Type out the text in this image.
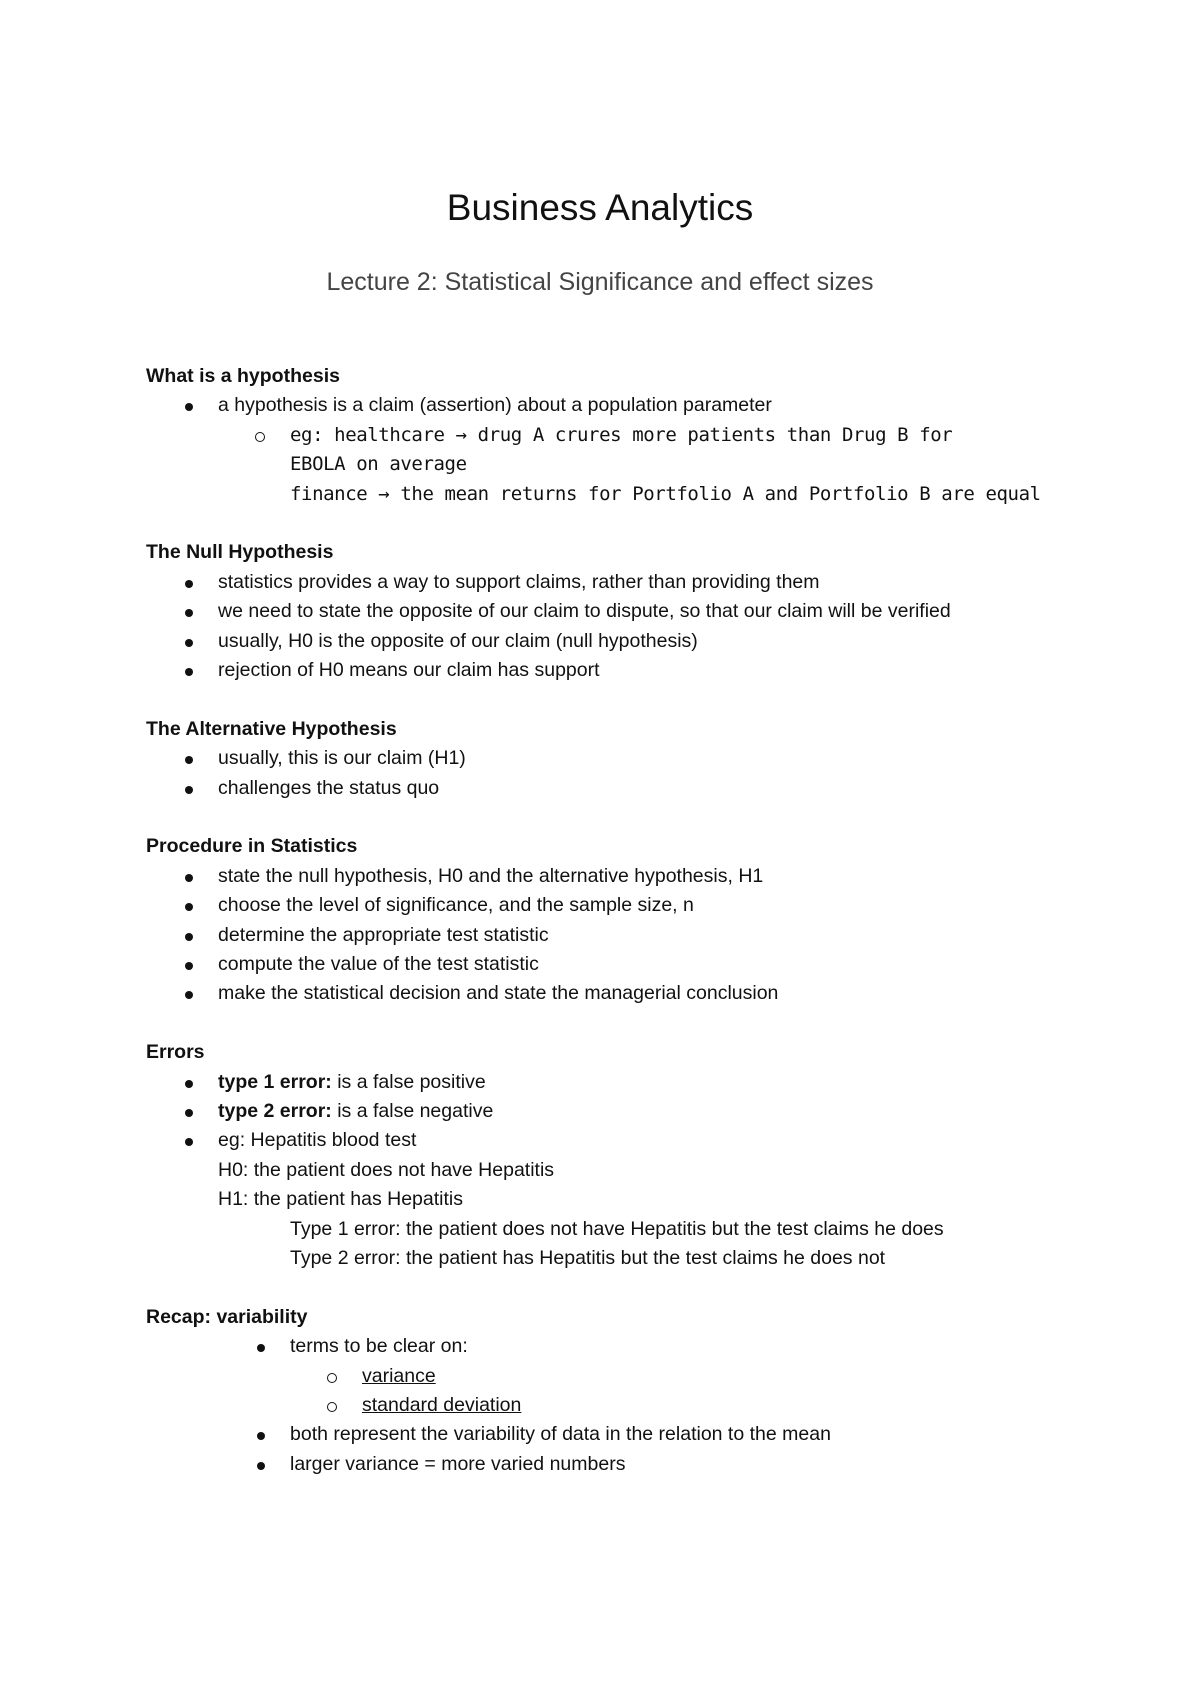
Business Analytics
Lecture 2: Statistical Significance and effect sizes
What is a hypothesis
a hypothesis is a claim (assertion) about a population parameter
eg: healthcare → drug A crures more patients than Drug B for
EBOLA on average
finance → the mean returns for Portfolio A and Portfolio B are equal
The Null Hypothesis
statistics provides a way to support claims, rather than providing them
we need to state the opposite of our claim to dispute, so that our claim will be verified
usually, H0 is the opposite of our claim (null hypothesis)
rejection of H0 means our claim has support
The Alternative Hypothesis
usually, this is our claim (H1)
challenges the status quo
Procedure in Statistics
state the null hypothesis, H0 and the alternative hypothesis, H1
choose the level of significance, and the sample size, n
determine the appropriate test statistic
compute the value of the test statistic
make the statistical decision and state the managerial conclusion
Errors
type 1 error: is a false positive
type 2 error: is a false negative
eg: Hepatitis blood test
H0: the patient does not have Hepatitis
H1: the patient has Hepatitis
Type 1 error: the patient does not have Hepatitis but the test claims he does
Type 2 error: the patient has Hepatitis but the test claims he does not
Recap: variability
terms to be clear on:
variance
standard deviation
both represent the variability of data in the relation to the mean
larger variance = more varied numbers
